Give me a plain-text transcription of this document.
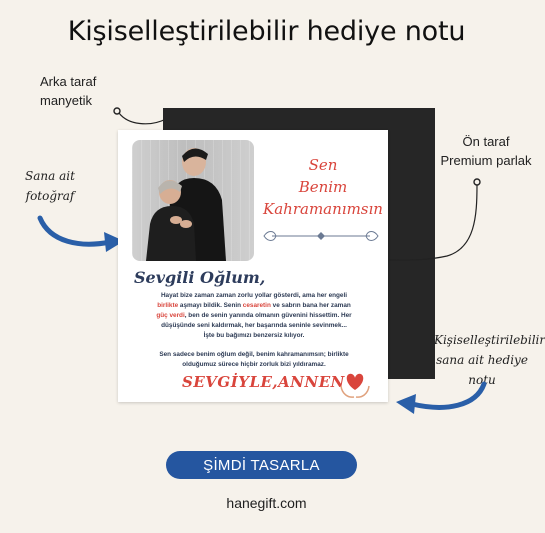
Kişiselleştirilebilir hediye notu
Arka taraf manyetik
Ön taraf Premium parlak
Sana ait fotoğraf
Sen
Benim
Kahramanımsın
Sevgili Oğlum,
Hayat bize zaman zaman zorlu yollar gösterdi, ama her engeli
birlikte aşmayı bildik. Senin cesaretin ve sabrın bana her zaman
güç verdi, ben de senin yanında olmanın güvenini hissettim. Her
düşüşünde seni kaldırmak, her başarında seninle sevinmek...
İşte bu bağımızı benzersiz kılıyor.
Sen sadece benim oğlum değil, benim kahramanımsın; birlikte
olduğumuz sürece hiçbir zorluk bizi yıldıramaz.
SEVGİYLE,ANNEN
Kişiselleştirilebilir sana ait hediye notu
ŞİMDİ TASARLA
hanegift.com
